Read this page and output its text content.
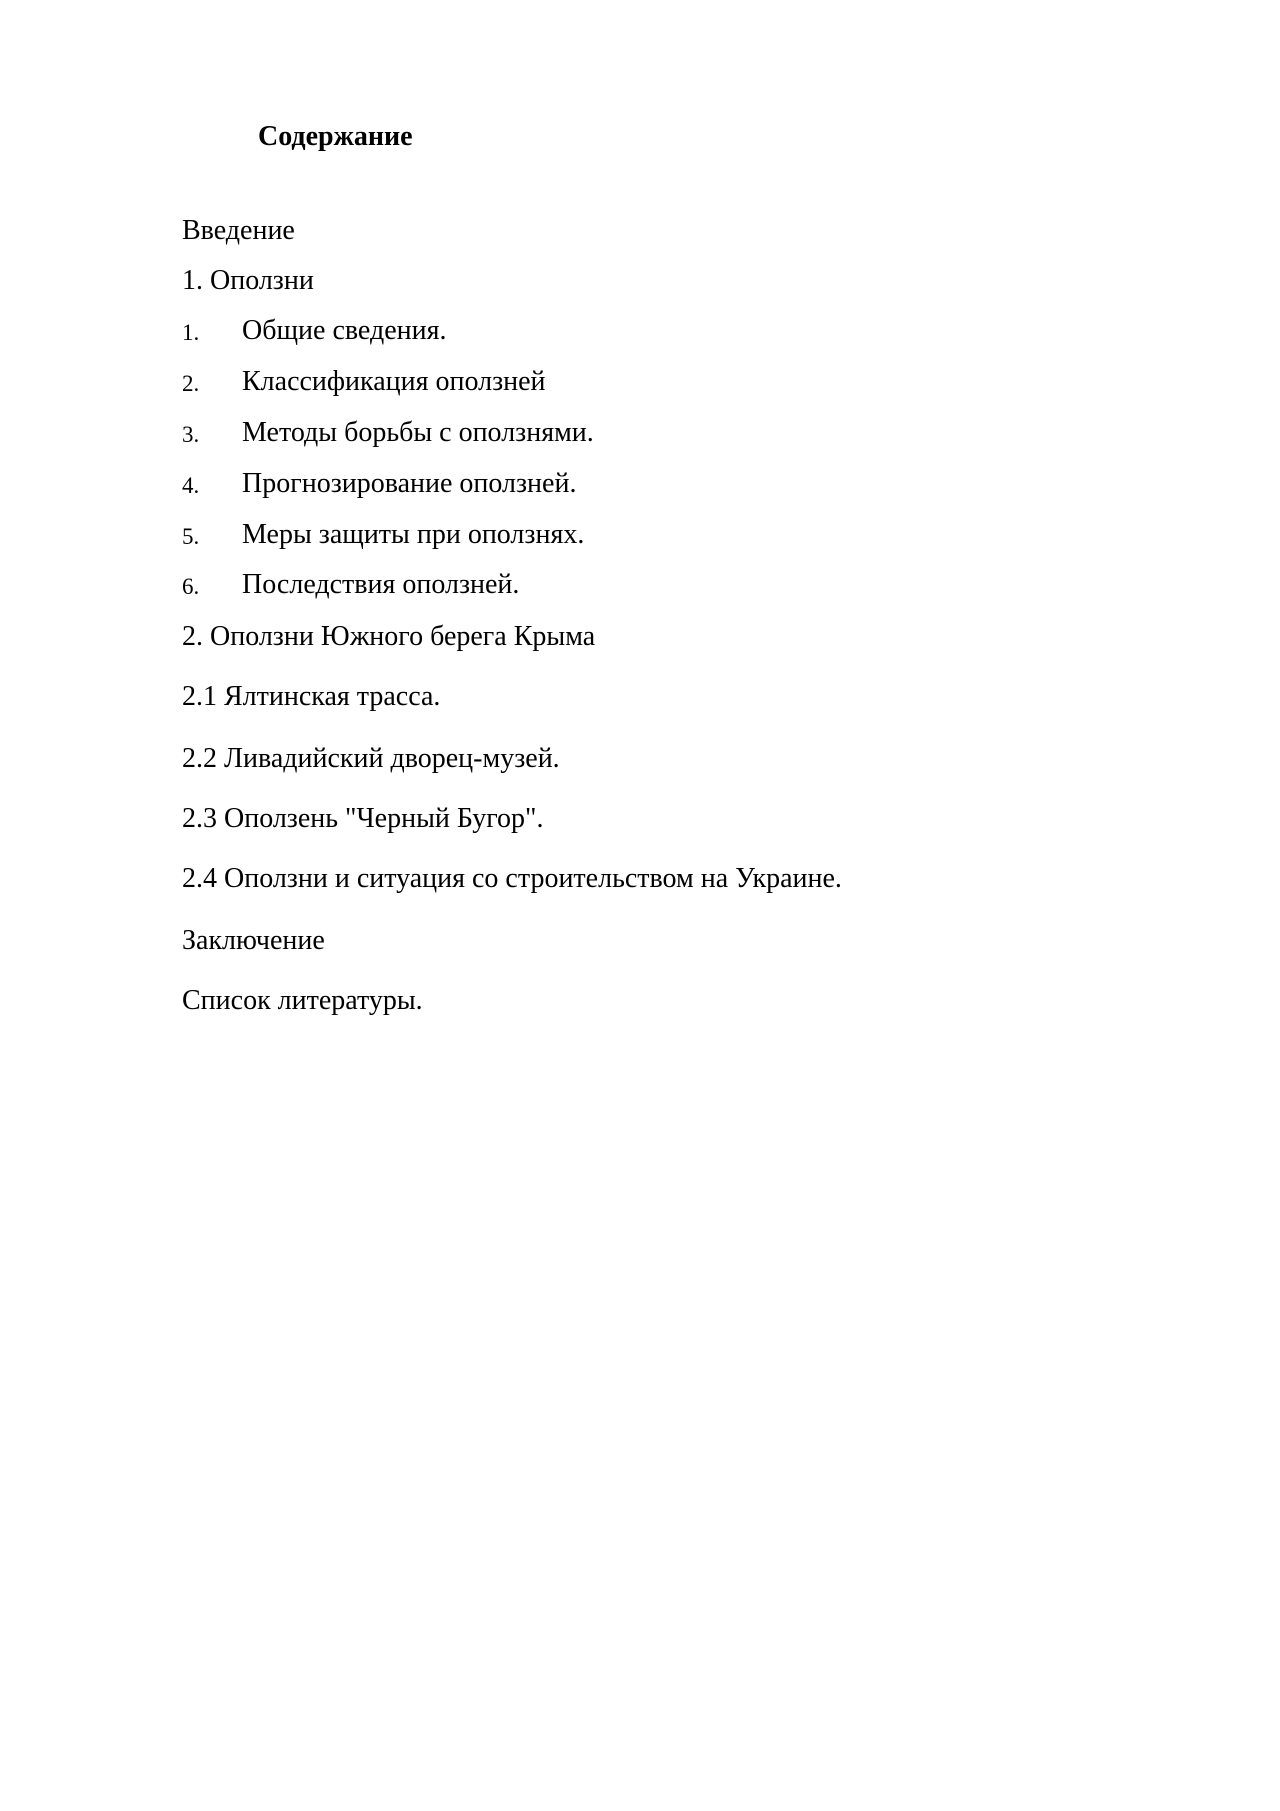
Содержание
Введение
1. Оползни
1. Общие сведения.
2. Классификация оползней
3. Методы борьбы с оползнями.
4. Прогнозирование оползней.
5. Меры защиты при оползнях.
6. Последствия оползней.
2. Оползни Южного берега Крыма
2.1 Ялтинская трасса.
2.2 Ливадийский дворец-музей.
2.3 Оползень "Черный Бугор".
2.4 Оползни и ситуация со строительством на Украине.
Заключение
Список литературы.
